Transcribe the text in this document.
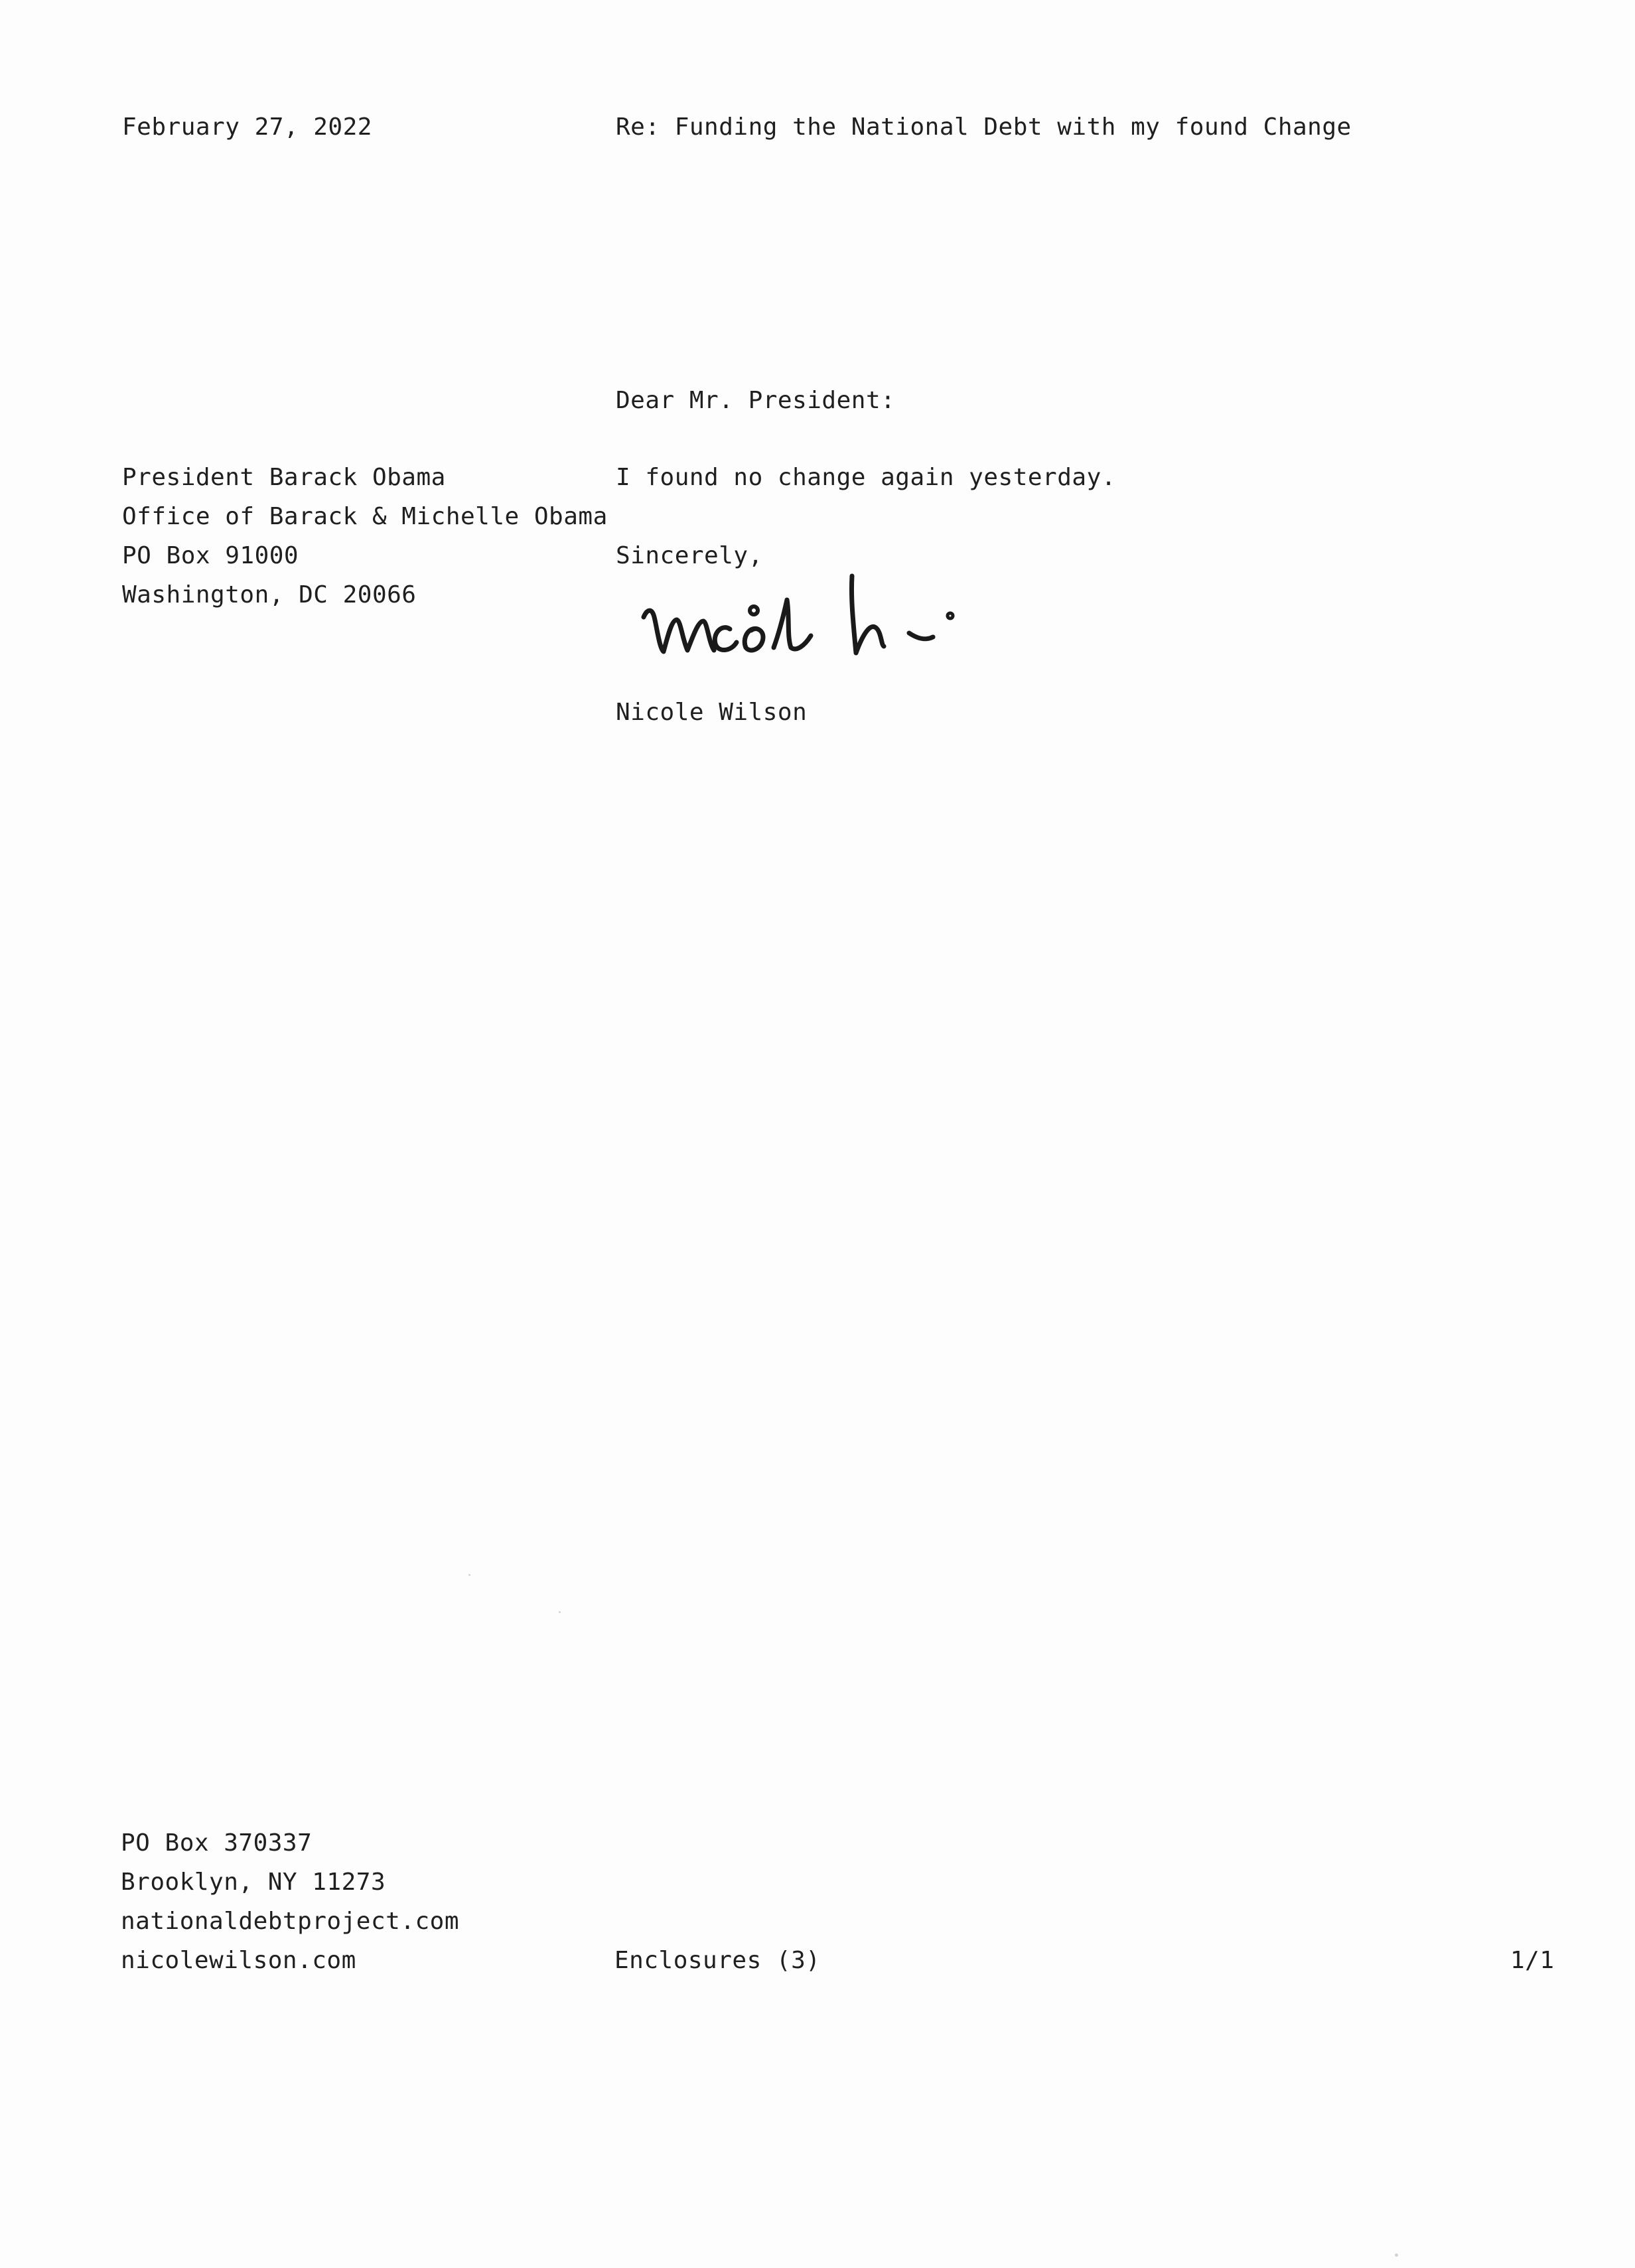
February 27, 2022	Re: Funding the National Debt with my found Change
Dear Mr. President:
President Barack Obama
Office of Barack & Michelle Obama
PO Box 91000
Washington, DC 20066
I found no change again yesterday.
Sincerely,
Nicole Wilson
PO Box 370337
Brooklyn, NY 11273
nationaldebtproject.com
nicolewilson.com	Enclosures (3)	1/1
